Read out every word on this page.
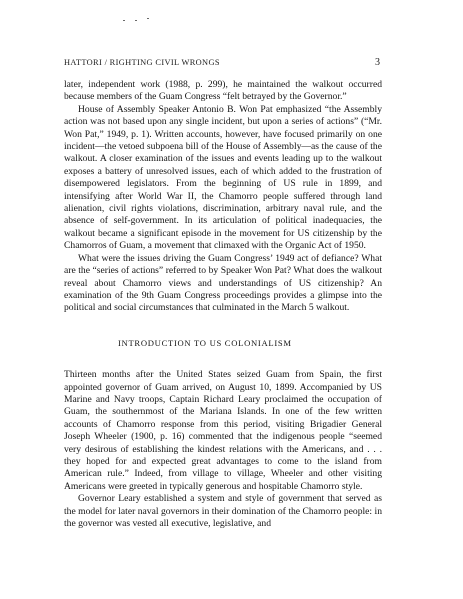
HATTORI / RIGHTING CIVIL WRONGS	3

later, independent work (1988, p. 299), he maintained the walkout occurred because members of the Guam Congress “felt betrayed by the Governor.”

House of Assembly Speaker Antonio B. Won Pat emphasized “the Assembly action was not based upon any single incident, but upon a series of actions” (“Mr. Won Pat,” 1949, p. 1). Written accounts, however, have focused primarily on one incident—the vetoed subpoena bill of the House of Assembly—as the cause of the walkout. A closer examination of the issues and events leading up to the walkout exposes a battery of unresolved issues, each of which added to the frustration of disempowered legislators. From the beginning of US rule in 1899, and intensifying after World War II, the Chamorro people suffered through land alienation, civil rights violations, discrimination, arbitrary naval rule, and the absence of self-government. In its articulation of political inadequacies, the walkout became a significant episode in the movement for US citizenship by the Chamorros of Guam, a movement that climaxed with the Organic Act of 1950.

What were the issues driving the Guam Congress’ 1949 act of defiance? What are the “series of actions” referred to by Speaker Won Pat? What does the walkout reveal about Chamorro views and understandings of US citizenship? An examination of the 9th Guam Congress proceedings provides a glimpse into the political and social circumstances that culminated in the March 5 walkout.

INTRODUCTION TO US COLONIALISM

Thirteen months after the United States seized Guam from Spain, the first appointed governor of Guam arrived, on August 10, 1899. Accompanied by US Marine and Navy troops, Captain Richard Leary proclaimed the occupation of Guam, the southernmost of the Mariana Islands. In one of the few written accounts of Chamorro response from this period, visiting Brigadier General Joseph Wheeler (1900, p. 16) commented that the indigenous people “seemed very desirous of establishing the kindest relations with the Americans, and . . . they hoped for and expected great advantages to come to the island from American rule.” Indeed, from village to village, Wheeler and other visiting Americans were greeted in typically generous and hospitable Chamorro style.

Governor Leary established a system and style of government that served as the model for later naval governors in their domination of the Chamorro people: in the governor was vested all executive, legislative, and
